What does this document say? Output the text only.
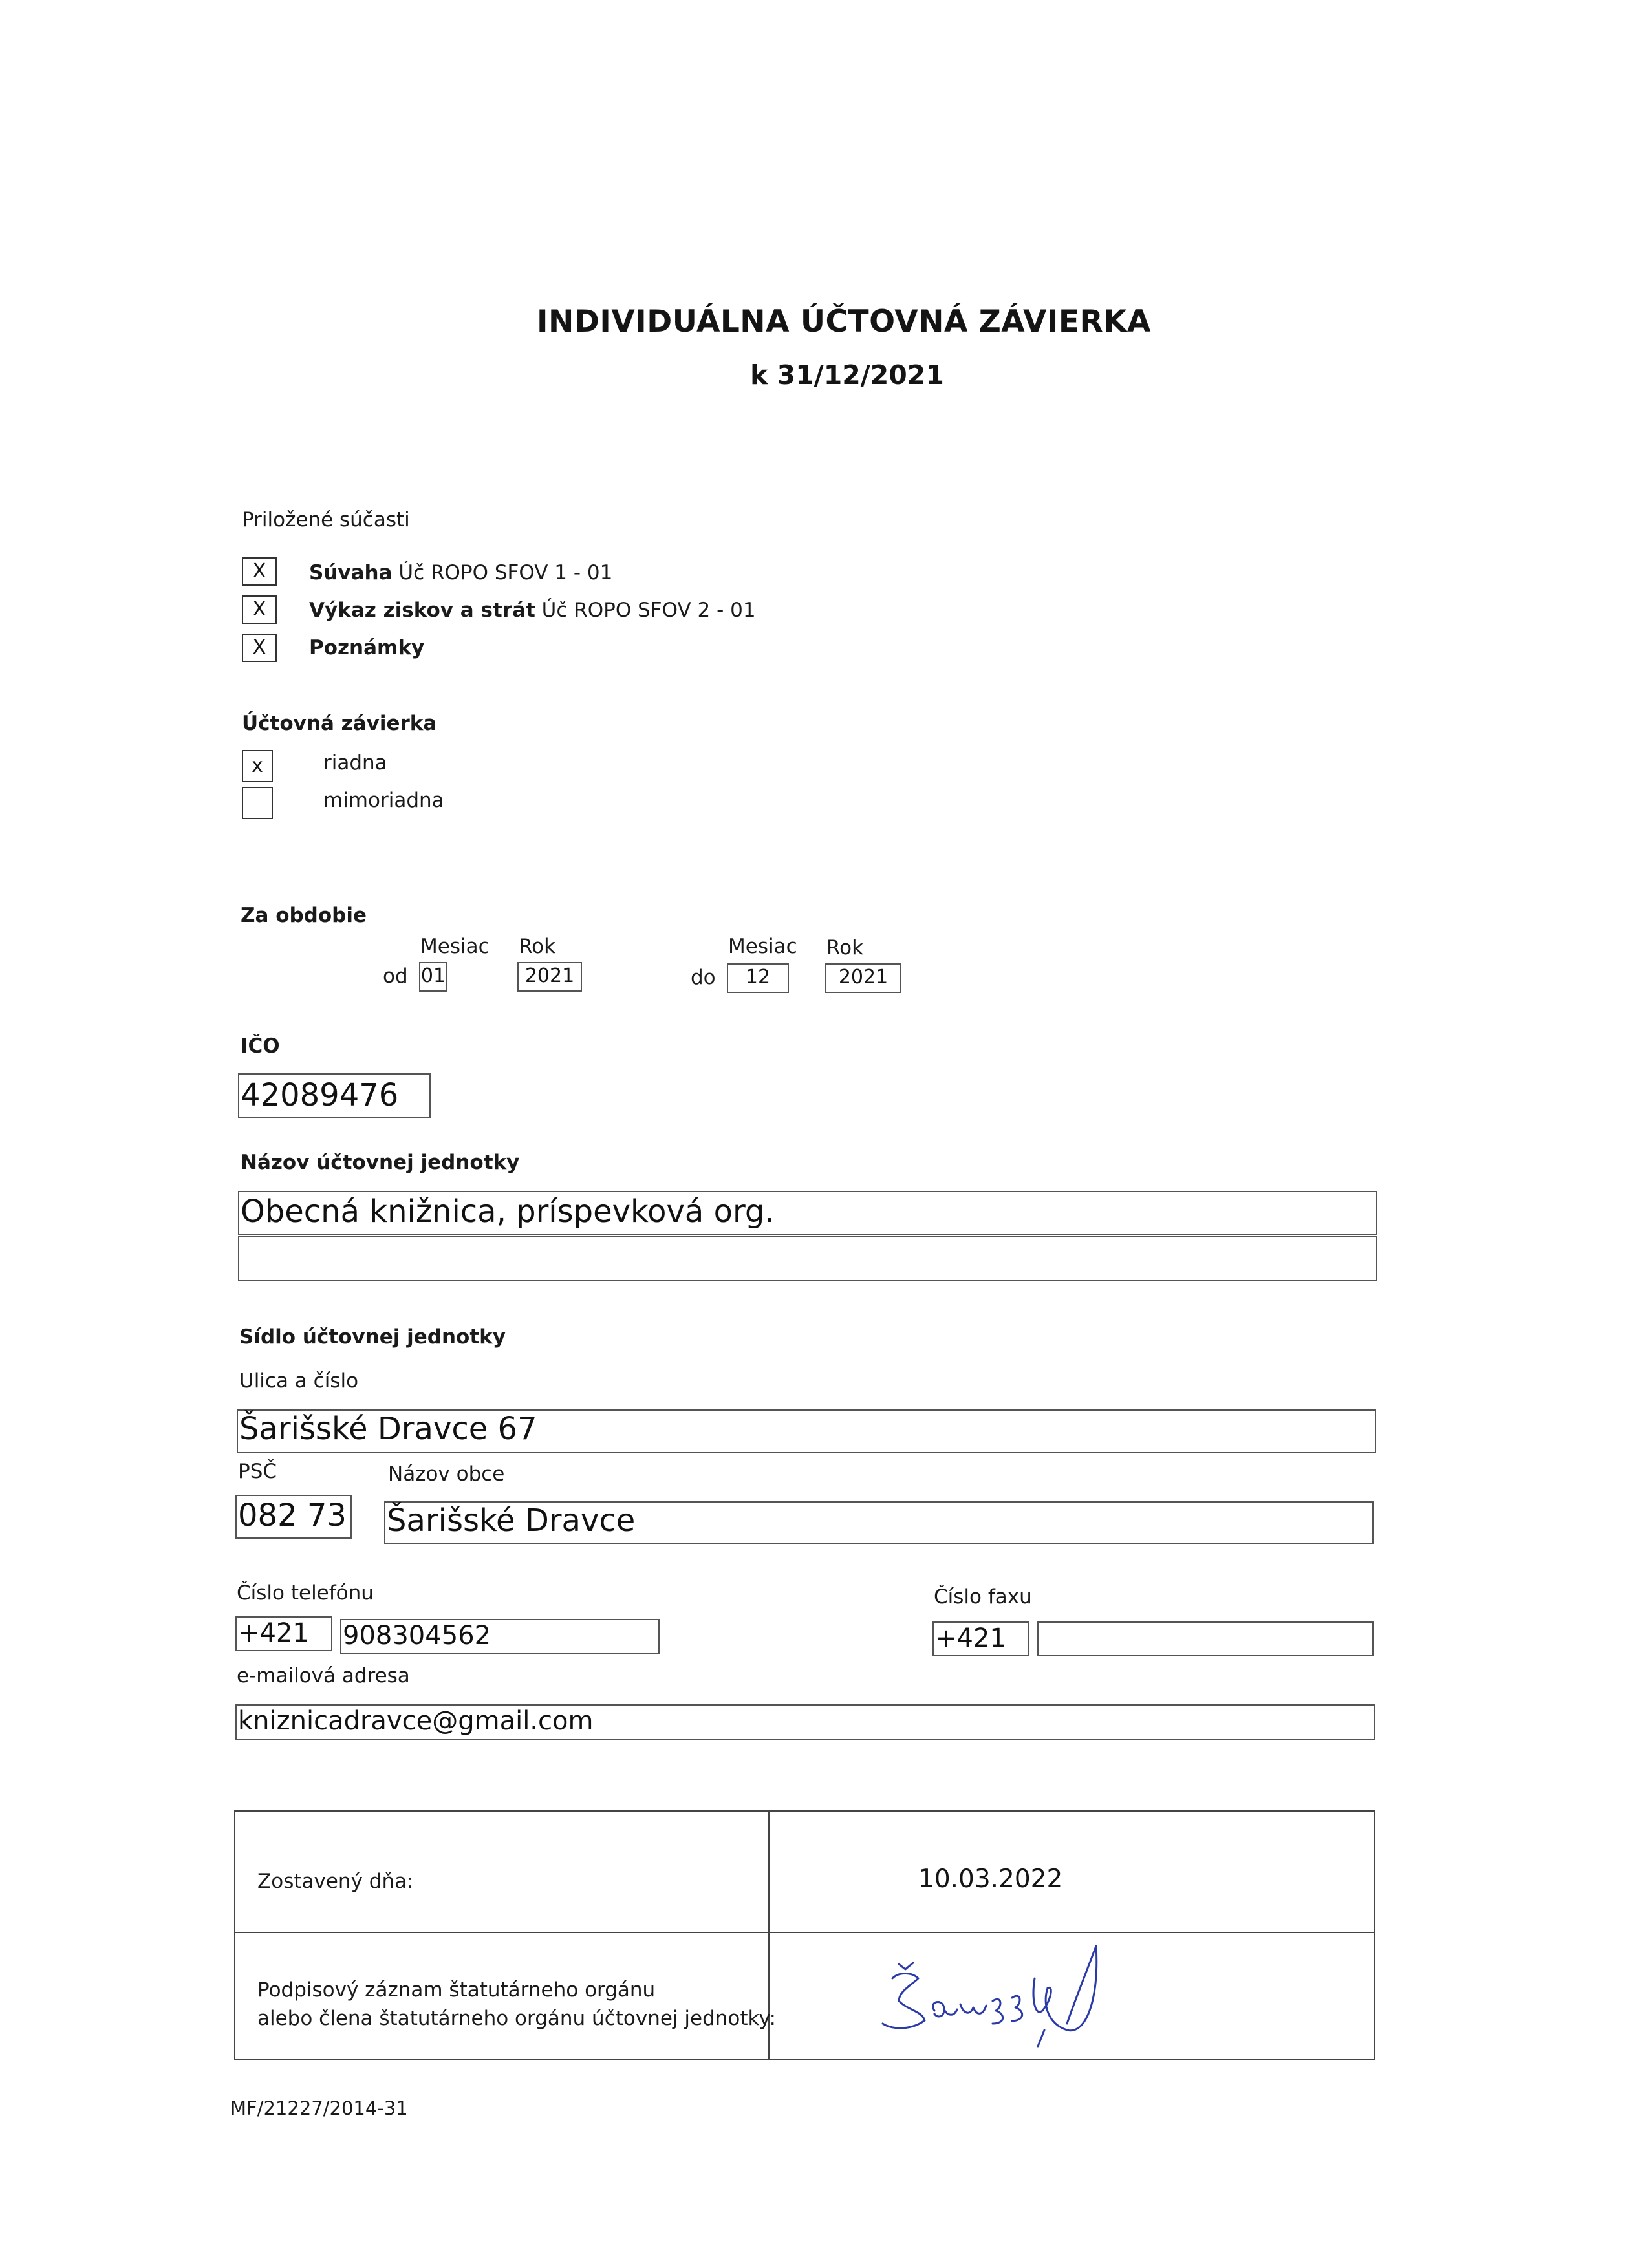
INDIVIDUÁLNA ÚČTOVNÁ ZÁVIERKA
k 31/12/2021
Priložené súčasti
X	Súvaha Úč ROPO SFOV 1 - 01
X	Výkaz ziskov a strát Úč ROPO SFOV 2 - 01
X	Poznámky
Účtovná závierka
x	riadna
mimoriadna
Za obdobie
Mesiac Rok	Mesiac Rok
od 01	2021	do	12	2021
IČO
42089476
Názov účtovnej jednotky
Obecná knižnica, príspevková org.
Sídlo účtovnej jednotky
Ulica a číslo
Šarišské Dravce 67
PSČ	Názov obce
082 73 Šarišské Dravce
Číslo telefónu	Číslo faxu
+421	908304562	+421
e-mailová adresa
kniznicadravce@gmail.com
Zostavený dňa:	10.03.2022
Podpisový záznam štatutárneho orgánu
alebo člena štatutárneho orgánu účtovnej jednotky:
MF/21227/2014-31
